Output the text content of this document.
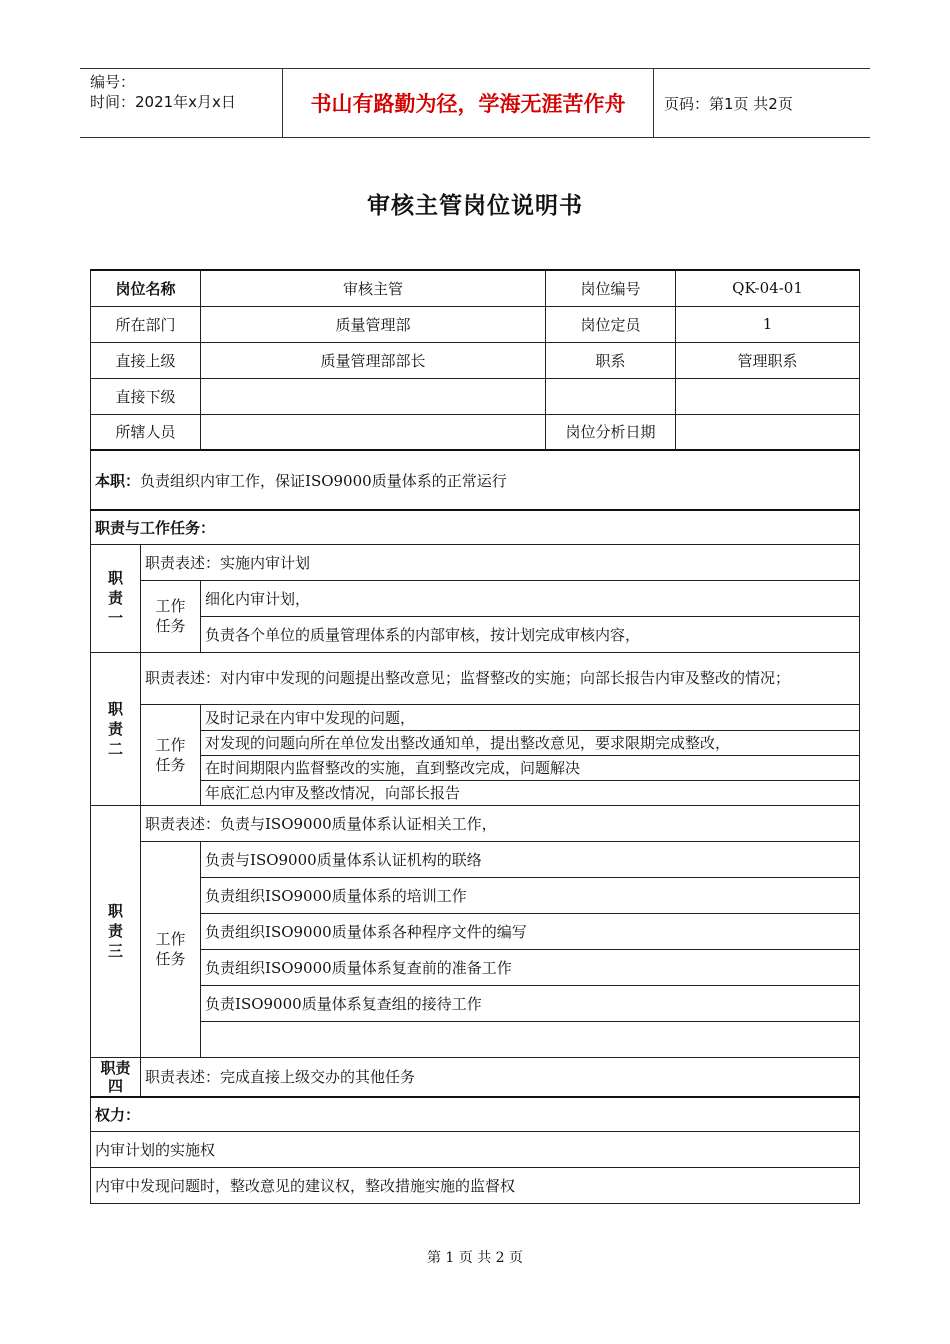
编号：
时间：2021年x月x日	书山有路勤为径，学海无涯苦作舟	页码：第1页 共2页
审核主管岗位说明书
岗位名称		审核主管	岗位编号	QK-04-01
所在部门		质量管理部	岗位定员	1
直接上级		质量管理部部长	职系	管理职系
直接下级				
所辖人员			岗位分析日期	
本职：负责组织内审工作，保证ISO9000质量体系的正常运行				
职责与工作任务：				

职责一	职责表述：实施内审计划			

	工作任务	细化内审计划，		
		负责各个单位的质量管理体系的内部审核，按计划完成审核内容，		

职责二	职责表述：对内审中发现的问题提出整改意见；监督整改的实施；向部长报告内审及整改的情况；			

	工作任务	及时记录在内审中发现的问题，		
		对发现的问题向所在单位发出整改通知单，提出整改意见，要求限期完成整改，		
		在时间期限内监督整改的实施，直到整改完成，问题解决		
		年底汇总内审及整改情况，向部长报告		

职责三	职责表述：负责与ISO9000质量体系认证相关工作，			

	工作任务	负责与ISO9000质量体系认证机构的联络		
		负责组织ISO9000质量体系的培训工作		
		负责组织ISO9000质量体系各种程序文件的编写		
		负责组织ISO9000质量体系复查前的准备工作		
		负责ISO9000质量体系复查组的接待工作		

职责四	职责表述：完成直接上级交办的其他任务			
权力：				
内审计划的实施权				
内审中发现问题时，整改意见的建议权，整改措施实施的监督权				
第 1 页 共 2 页
